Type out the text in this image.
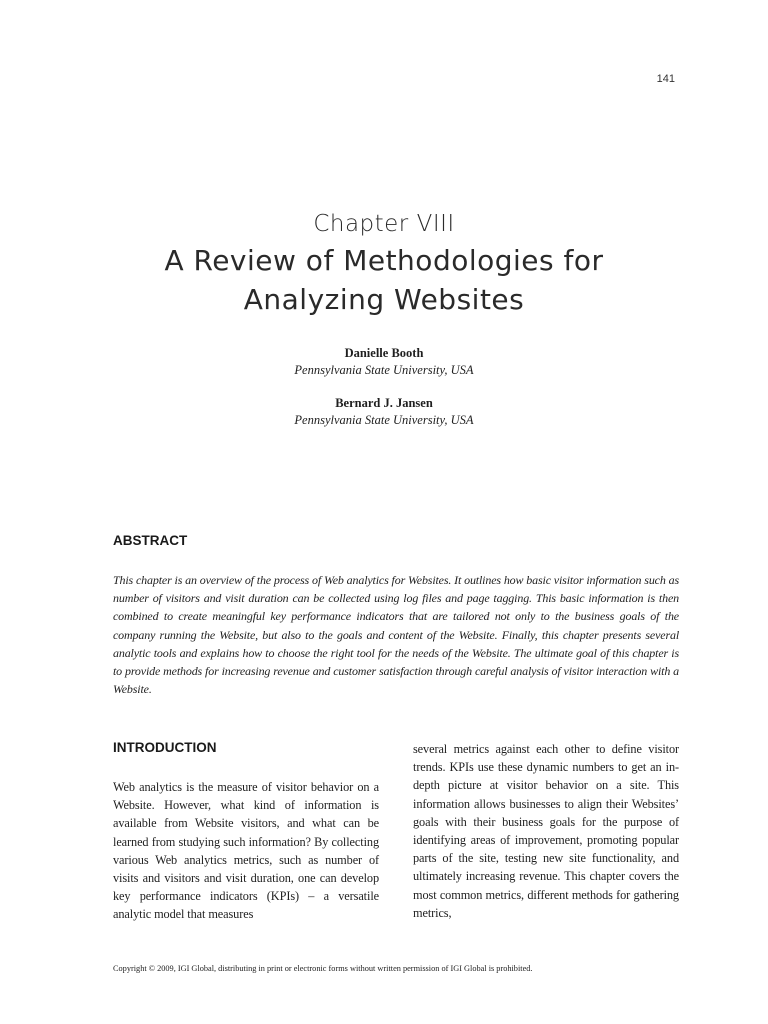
141
Chapter VIII
A Review of Methodologies for
Analyzing Websites
Danielle Booth
Pennsylvania State University, USA
Bernard J. Jansen
Pennsylvania State University, USA
ABSTRACT
This chapter is an overview of the process of Web analytics for Websites. It outlines how basic visitor information such as number of visitors and visit duration can be collected using log files and page tagging. This basic information is then combined to create meaningful key performance indicators that are tailored not only to the business goals of the company running the Website, but also to the goals and content of the Website. Finally, this chapter presents several analytic tools and explains how to choose the right tool for the needs of the Website. The ultimate goal of this chapter is to provide methods for increasing revenue and customer satisfaction through careful analysis of visitor interaction with a Website.
INTRODUCTION
Web analytics is the measure of visitor behavior on a Website. However, what kind of information is available from Website visitors, and what can be learned from studying such information? By collecting various Web analytics metrics, such as number of visits and visitors and visit duration, one can develop key performance indicators (KPIs) – a versatile analytic model that measures
several metrics against each other to define visitor trends. KPIs use these dynamic numbers to get an in-depth picture at visitor behavior on a site. This information allows businesses to align their Websites’ goals with their business goals for the purpose of identifying areas of improvement, promoting popular parts of the site, testing new site functionality, and ultimately increasing revenue. This chapter covers the most common metrics, different methods for gathering metrics,
Copyright © 2009, IGI Global, distributing in print or electronic forms without written permission of IGI Global is prohibited.
